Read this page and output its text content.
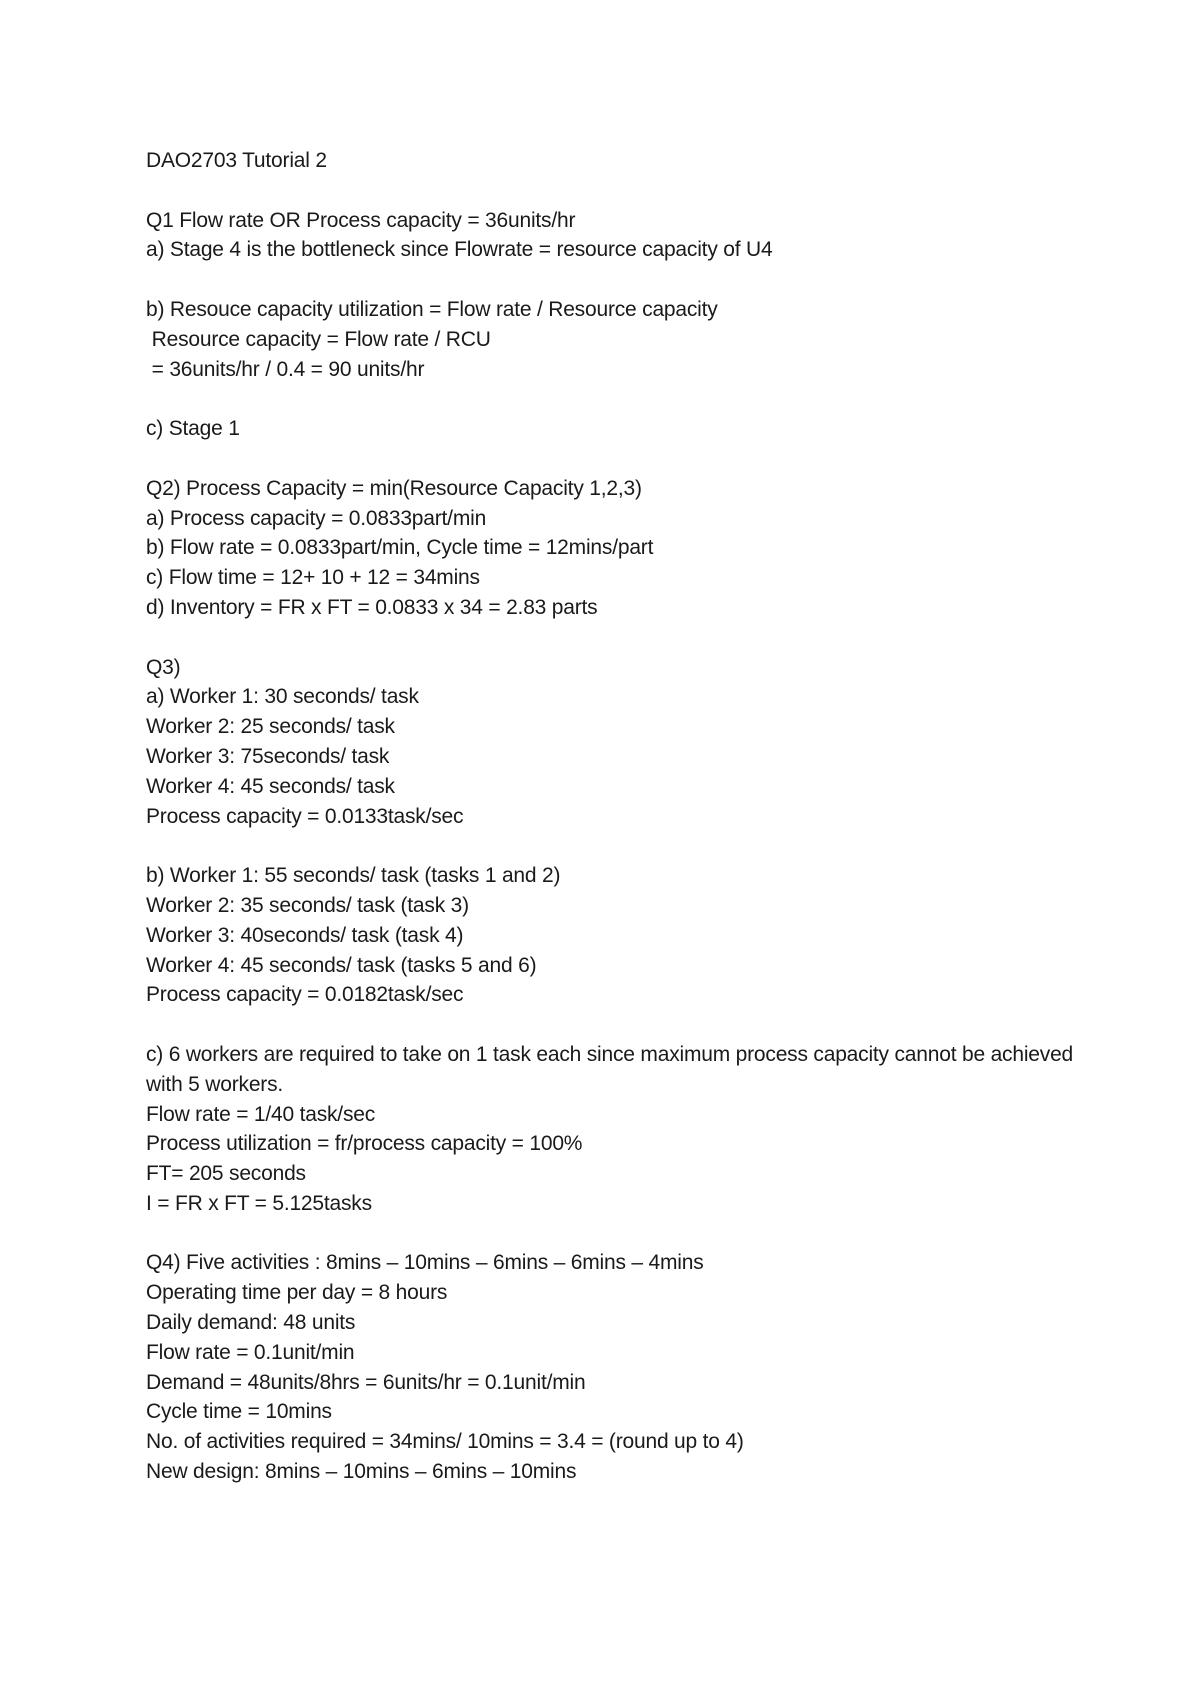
DAO2703 Tutorial 2
Q1 Flow rate OR Process capacity = 36units/hr
a) Stage 4 is the bottleneck since Flowrate = resource capacity of U4
b) Resouce capacity utilization = Flow rate / Resource capacity
Resource capacity = Flow rate / RCU
= 36units/hr / 0.4 = 90 units/hr
c) Stage 1
Q2) Process Capacity = min(Resource Capacity 1,2,3)
a) Process capacity = 0.0833part/min
b) Flow rate = 0.0833part/min, Cycle time = 12mins/part
c) Flow time = 12+ 10 + 12 = 34mins
d) Inventory = FR x FT = 0.0833 x 34 = 2.83 parts
Q3)
a) Worker 1: 30 seconds/ task
Worker 2: 25 seconds/ task
Worker 3: 75seconds/ task
Worker 4: 45 seconds/ task
Process capacity = 0.0133task/sec
b) Worker 1: 55 seconds/ task (tasks 1 and 2)
Worker 2: 35 seconds/ task (task 3)
Worker 3: 40seconds/ task (task 4)
Worker 4: 45 seconds/ task (tasks 5 and 6)
Process capacity = 0.0182task/sec
c) 6 workers are required to take on 1 task each since maximum process capacity cannot be achieved with 5 workers.
Flow rate = 1/40 task/sec
Process utilization = fr/process capacity = 100%
FT= 205 seconds
I = FR x FT = 5.125tasks
Q4) Five activities : 8mins – 10mins – 6mins – 6mins – 4mins
Operating time per day = 8 hours
Daily demand: 48 units
Flow rate = 0.1unit/min
Demand = 48units/8hrs = 6units/hr = 0.1unit/min
Cycle time = 10mins
No. of activities required = 34mins/ 10mins = 3.4 = (round up to 4)
New design: 8mins – 10mins – 6mins – 10mins
